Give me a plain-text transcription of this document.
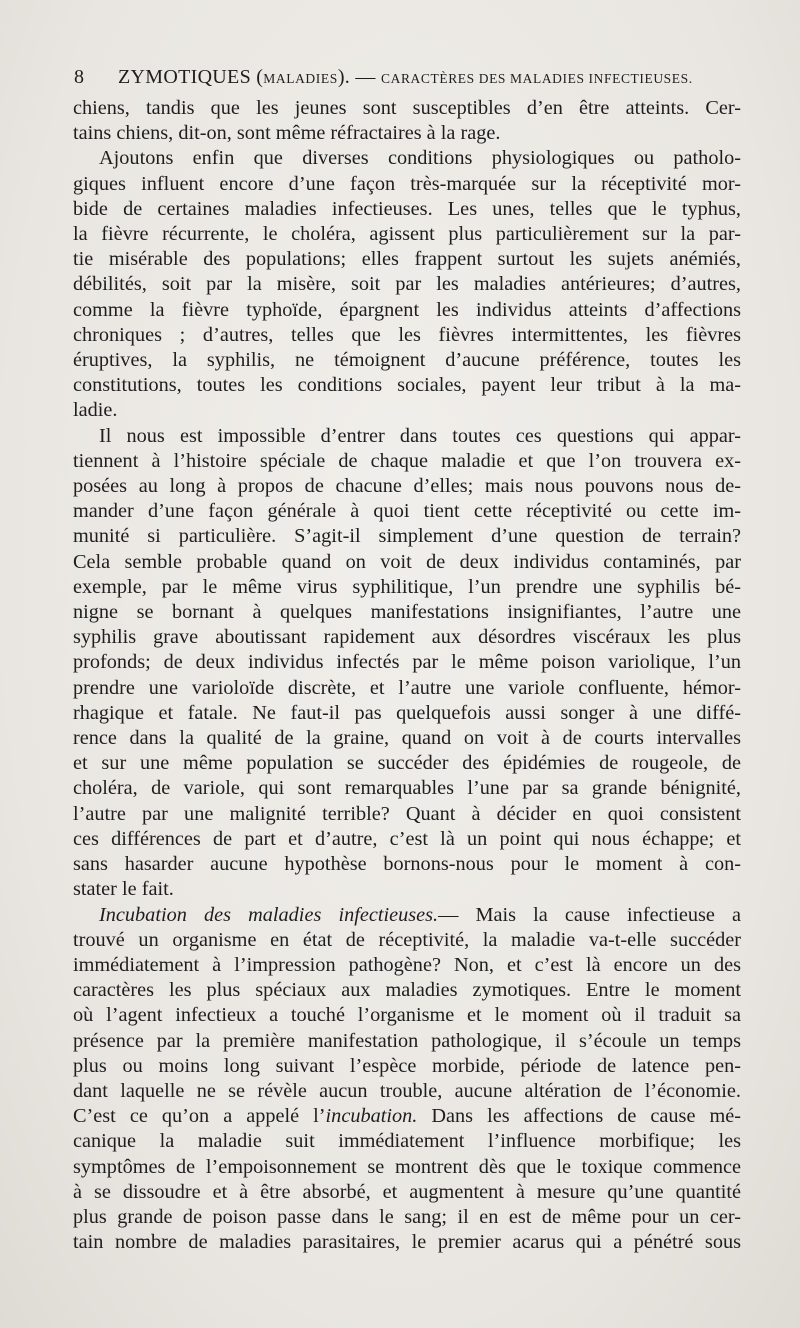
8 ZYMOTIQUES (MALADIES). — CARACTÈRES DES MALADIES INFECTIEUSES.

chiens, tandis que les jeunes sont susceptibles d’en être atteints. Cer-
tains chiens, dit-on, sont même réfractaires à la rage.

Ajoutons enfin que diverses conditions physiologiques ou patholo-
giques influent encore d’une façon très-marquée sur la réceptivité mor-
bide de certaines maladies infectieuses. Les unes, telles que le typhus,
la fièvre récurrente, le choléra, agissent plus particulièrement sur la par-
tie misérable des populations; elles frappent surtout les sujets anémiés,
débilités, soit par la misère, soit par les maladies antérieures; d’autres,
comme la fièvre typhoïde, épargnent les individus atteints d’affections
chroniques ; d’autres, telles que les fièvres intermittentes, les fièvres
éruptives, la syphilis, ne témoignent d’aucune préférence, toutes les
constitutions, toutes les conditions sociales, payent leur tribut à la ma-
ladie.

Il nous est impossible d’entrer dans toutes ces questions qui appar-
tiennent à l’histoire spéciale de chaque maladie et que l’on trouvera ex-
posées au long à propos de chacune d’elles; mais nous pouvons nous de-
mander d’une façon générale à quoi tient cette réceptivité ou cette im-
munité si particulière. S’agit-il simplement d’une question de terrain?
Cela semble probable quand on voit de deux individus contaminés, par
exemple, par le même virus syphilitique, l’un prendre une syphilis bé-
nigne se bornant à quelques manifestations insignifiantes, l’autre une
syphilis grave aboutissant rapidement aux désordres viscéraux les plus
profonds; de deux individus infectés par le même poison variolique, l’un
prendre une varioloïde discrète, et l’autre une variole confluente, hémor-
rhagique et fatale. Ne faut-il pas quelquefois aussi songer à une diffé-
rence dans la qualité de la graine, quand on voit à de courts intervalles
et sur une même population se succéder des épidémies de rougeole, de
choléra, de variole, qui sont remarquables l’une par sa grande bénignité,
l’autre par une malignité terrible? Quant à décider en quoi consistent
ces différences de part et d’autre, c’est là un point qui nous échappe; et
sans hasarder aucune hypothèse bornons-nous pour le moment à con-
stater le fait.

Incubation des maladies infectieuses.— Mais la cause infectieuse a
trouvé un organisme en état de réceptivité, la maladie va-t-elle succéder
immédiatement à l’impression pathogène? Non, et c’est là encore un des
caractères les plus spéciaux aux maladies zymotiques. Entre le moment
où l’agent infectieux a touché l’organisme et le moment où il traduit sa
présence par la première manifestation pathologique, il s’écoule un temps
plus ou moins long suivant l’espèce morbide, période de latence pen-
dant laquelle ne se révèle aucun trouble, aucune altération de l’économie.
C’est ce qu’on a appelé l’incubation. Dans les affections de cause mé-
canique la maladie suit immédiatement l’influence morbifique; les
symptômes de l’empoisonnement se montrent dès que le toxique commence
à se dissoudre et à être absorbé, et augmentent à mesure qu’une quantité
plus grande de poison passe dans le sang; il en est de même pour un cer-
tain nombre de maladies parasitaires, le premier acarus qui a pénétré sous
